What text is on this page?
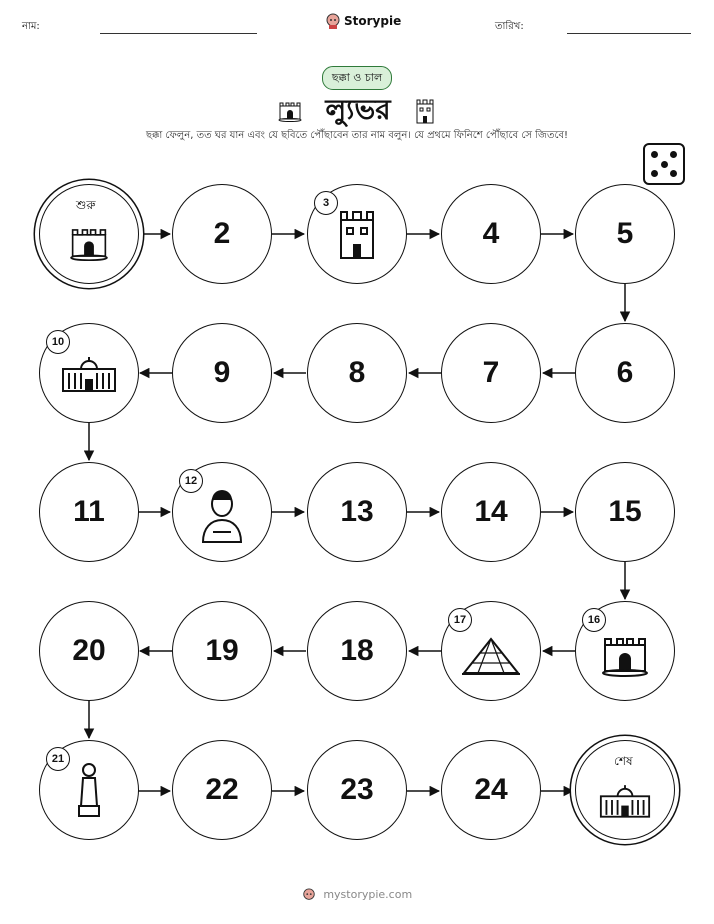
নাম:	Storypie	তারিখ:
ছক্কা ও চাল
ল্যুভর
ছক্কা ফেলুন, তত ঘর যান এবং যে ছবিতে পৌঁছাবেন তার নাম বলুন। যে প্রথমে ফিনিশে পৌঁছাবে সে জিতবে!
শুরু
2
3
4	5
6
7
8
9
10
11
12
13	14	15
16
17
18
19
20
21
22	23	24
শেষ
mystorypie.com
